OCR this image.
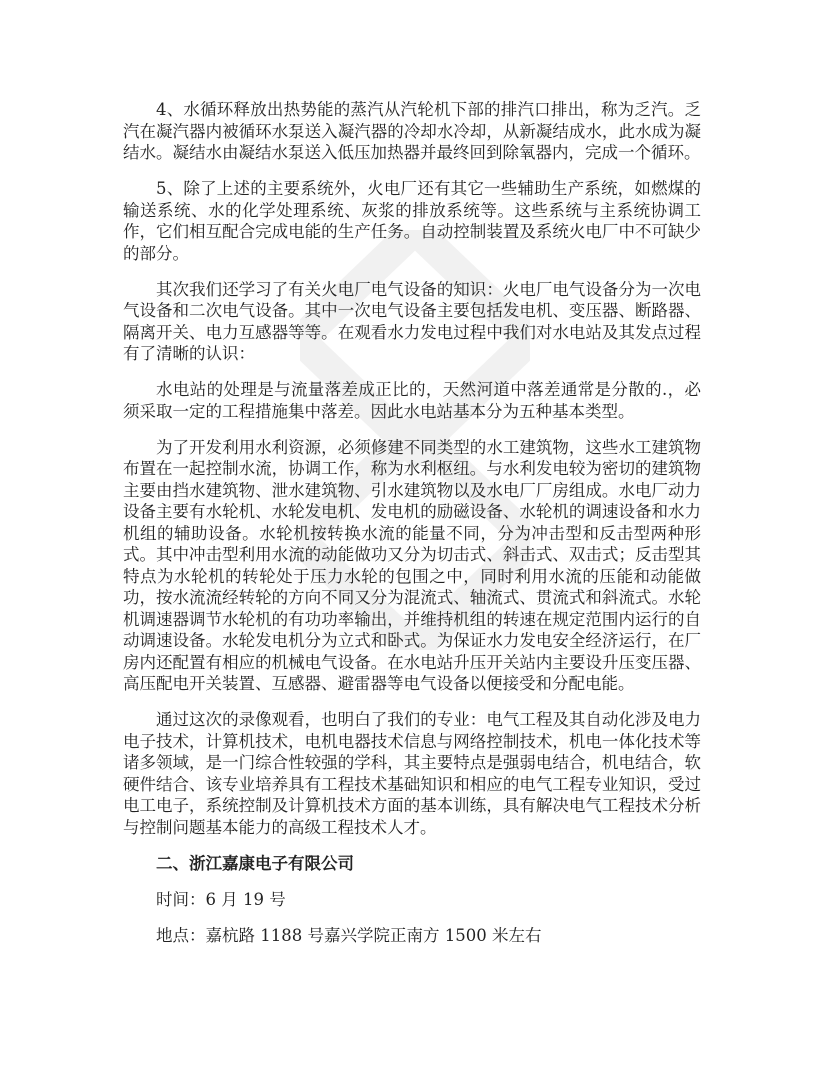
4、水循环释放出热势能的蒸汽从汽轮机下部的排汽口排出，称为乏汽。乏汽在凝汽器内被循环水泵送入凝汽器的冷却水冷却，从新凝结成水，此水成为凝结水。凝结水由凝结水泵送入低压加热器并最终回到除氧器内，完成一个循环。

5、除了上述的主要系统外，火电厂还有其它一些辅助生产系统，如燃煤的输送系统、水的化学处理系统、灰浆的排放系统等。这些系统与主系统协调工作，它们相互配合完成电能的生产任务。自动控制装置及系统火电厂中不可缺少的部分。

其次我们还学习了有关火电厂电气设备的知识：火电厂电气设备分为一次电气设备和二次电气设备。其中一次电气设备主要包括发电机、变压器、断路器、隔离开关、电力互感器等等。在观看水力发电过程中我们对水电站及其发点过程有了清晰的认识：

水电站的处理是与流量落差成正比的，天然河道中落差通常是分散的.，必须采取一定的工程措施集中落差。因此水电站基本分为五种基本类型。

为了开发利用水利资源，必须修建不同类型的水工建筑物，这些水工建筑物布置在一起控制水流，协调工作，称为水利枢纽。与水利发电较为密切的建筑物主要由挡水建筑物、泄水建筑物、引水建筑物以及水电厂厂房组成。水电厂动力设备主要有水轮机、水轮发电机、发电机的励磁设备、水轮机的调速设备和水力机组的辅助设备。水轮机按转换水流的能量不同，分为冲击型和反击型两种形式。其中冲击型利用水流的动能做功又分为切击式、斜击式、双击式；反击型其特点为水轮机的转轮处于压力水轮的包围之中，同时利用水流的压能和动能做功，按水流流经转轮的方向不同又分为混流式、轴流式、贯流式和斜流式。水轮机调速器调节水轮机的有功功率输出，并维持机组的转速在规定范围内运行的自动调速设备。水轮发电机分为立式和卧式。为保证水力发电安全经济运行，在厂房内还配置有相应的机械电气设备。在水电站升压开关站内主要设升压变压器、高压配电开关装置、互感器、避雷器等电气设备以便接受和分配电能。

通过这次的录像观看，也明白了我们的专业：电气工程及其自动化涉及电力电子技术，计算机技术，电机电器技术信息与网络控制技术，机电一体化技术等诸多领域，是一门综合性较强的学科，其主要特点是强弱电结合，机电结合，软硬件结合、该专业培养具有工程技术基础知识和相应的电气工程专业知识，受过电工电子，系统控制及计算机技术方面的基本训练，具有解决电气工程技术分析与控制问题基本能力的高级工程技术人才。

二、浙江嘉康电子有限公司

时间：6 月 19 号

地点：嘉杭路 1188 号嘉兴学院正南方 1500 米左右
